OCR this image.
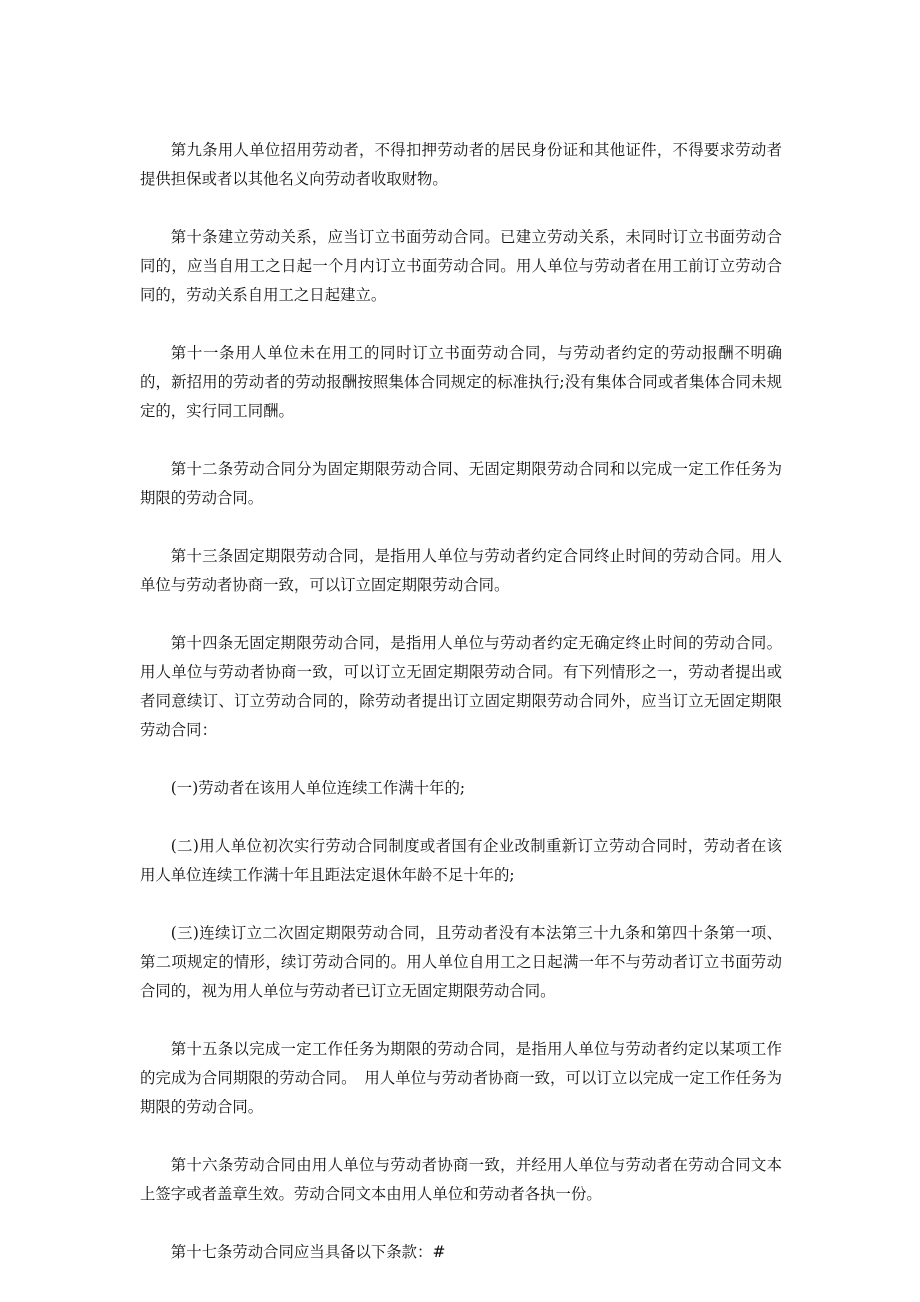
第九条用人单位招用劳动者，不得扣押劳动者的居民身份证和其他证件，不得要求劳动者提供担保或者以其他名义向劳动者收取财物。

第十条建立劳动关系，应当订立书面劳动合同。已建立劳动关系，未同时订立书面劳动合同的，应当自用工之日起一个月内订立书面劳动合同。用人单位与劳动者在用工前订立劳动合同的，劳动关系自用工之日起建立。

第十一条用人单位未在用工的同时订立书面劳动合同，与劳动者约定的劳动报酬不明确的，新招用的劳动者的劳动报酬按照集体合同规定的标准执行;没有集体合同或者集体合同未规定的，实行同工同酬。

第十二条劳动合同分为固定期限劳动合同、无固定期限劳动合同和以完成一定工作任务为期限的劳动合同。

第十三条固定期限劳动合同，是指用人单位与劳动者约定合同终止时间的劳动合同。用人单位与劳动者协商一致，可以订立固定期限劳动合同。

第十四条无固定期限劳动合同，是指用人单位与劳动者约定无确定终止时间的劳动合同。用人单位与劳动者协商一致，可以订立无固定期限劳动合同。有下列情形之一，劳动者提出或者同意续订、订立劳动合同的，除劳动者提出订立固定期限劳动合同外，应当订立无固定期限劳动合同：

(一)劳动者在该用人单位连续工作满十年的;

(二)用人单位初次实行劳动合同制度或者国有企业改制重新订立劳动合同时，劳动者在该用人单位连续工作满十年且距法定退休年龄不足十年的;

(三)连续订立二次固定期限劳动合同，且劳动者没有本法第三十九条和第四十条第一项、第二项规定的情形，续订劳动合同的。用人单位自用工之日起满一年不与劳动者订立书面劳动合同的，视为用人单位与劳动者已订立无固定期限劳动合同。

第十五条以完成一定工作任务为期限的劳动合同，是指用人单位与劳动者约定以某项工作的完成为合同期限的劳动合同。　用人单位与劳动者协商一致，可以订立以完成一定工作任务为期限的劳动合同。

第十六条劳动合同由用人单位与劳动者协商一致，并经用人单位与劳动者在劳动合同文本上签字或者盖章生效。劳动合同文本由用人单位和劳动者各执一份。

第十七条劳动合同应当具备以下条款：#
